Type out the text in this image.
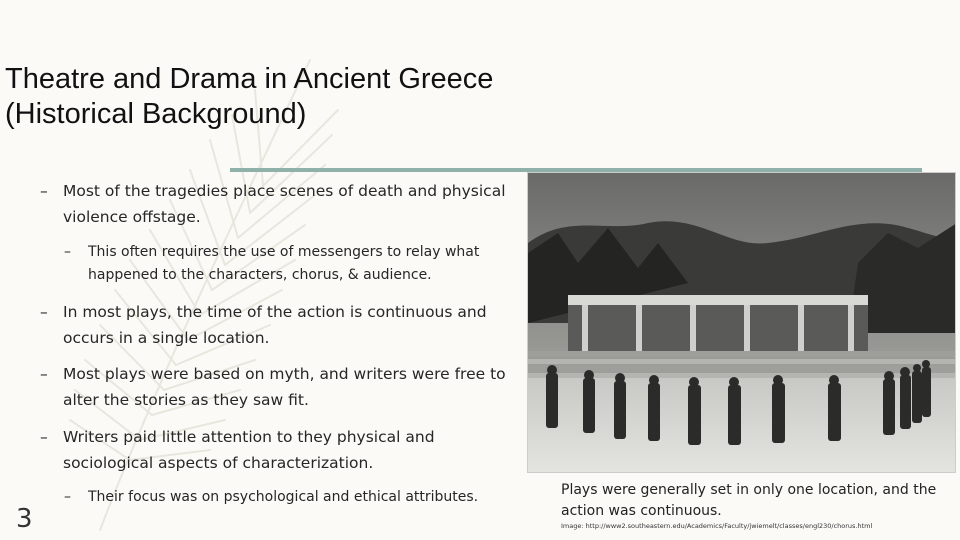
Theatre and Drama in Ancient Greece
(Historical Background)
– Most of the tragedies place scenes of death and physical
violence offstage.
–	This often requires the use of messengers to relay what
happened to the characters, chorus, & audience.
– In most plays, the time of the action is continuous and
occurs in a single location.
– Most plays were based on myth, and writers were free to
alter the stories as they saw fit.
– Writers paid little attention to they physical and
sociological aspects of characterization.
–	Their focus was on psychological and ethical attributes.	Plays were generally set in only one location, and the action was continuous.
Image: http://www2.southeastern.edu/Academics/Faculty/jwiemelt/classes/engl230/chorus.html
3
